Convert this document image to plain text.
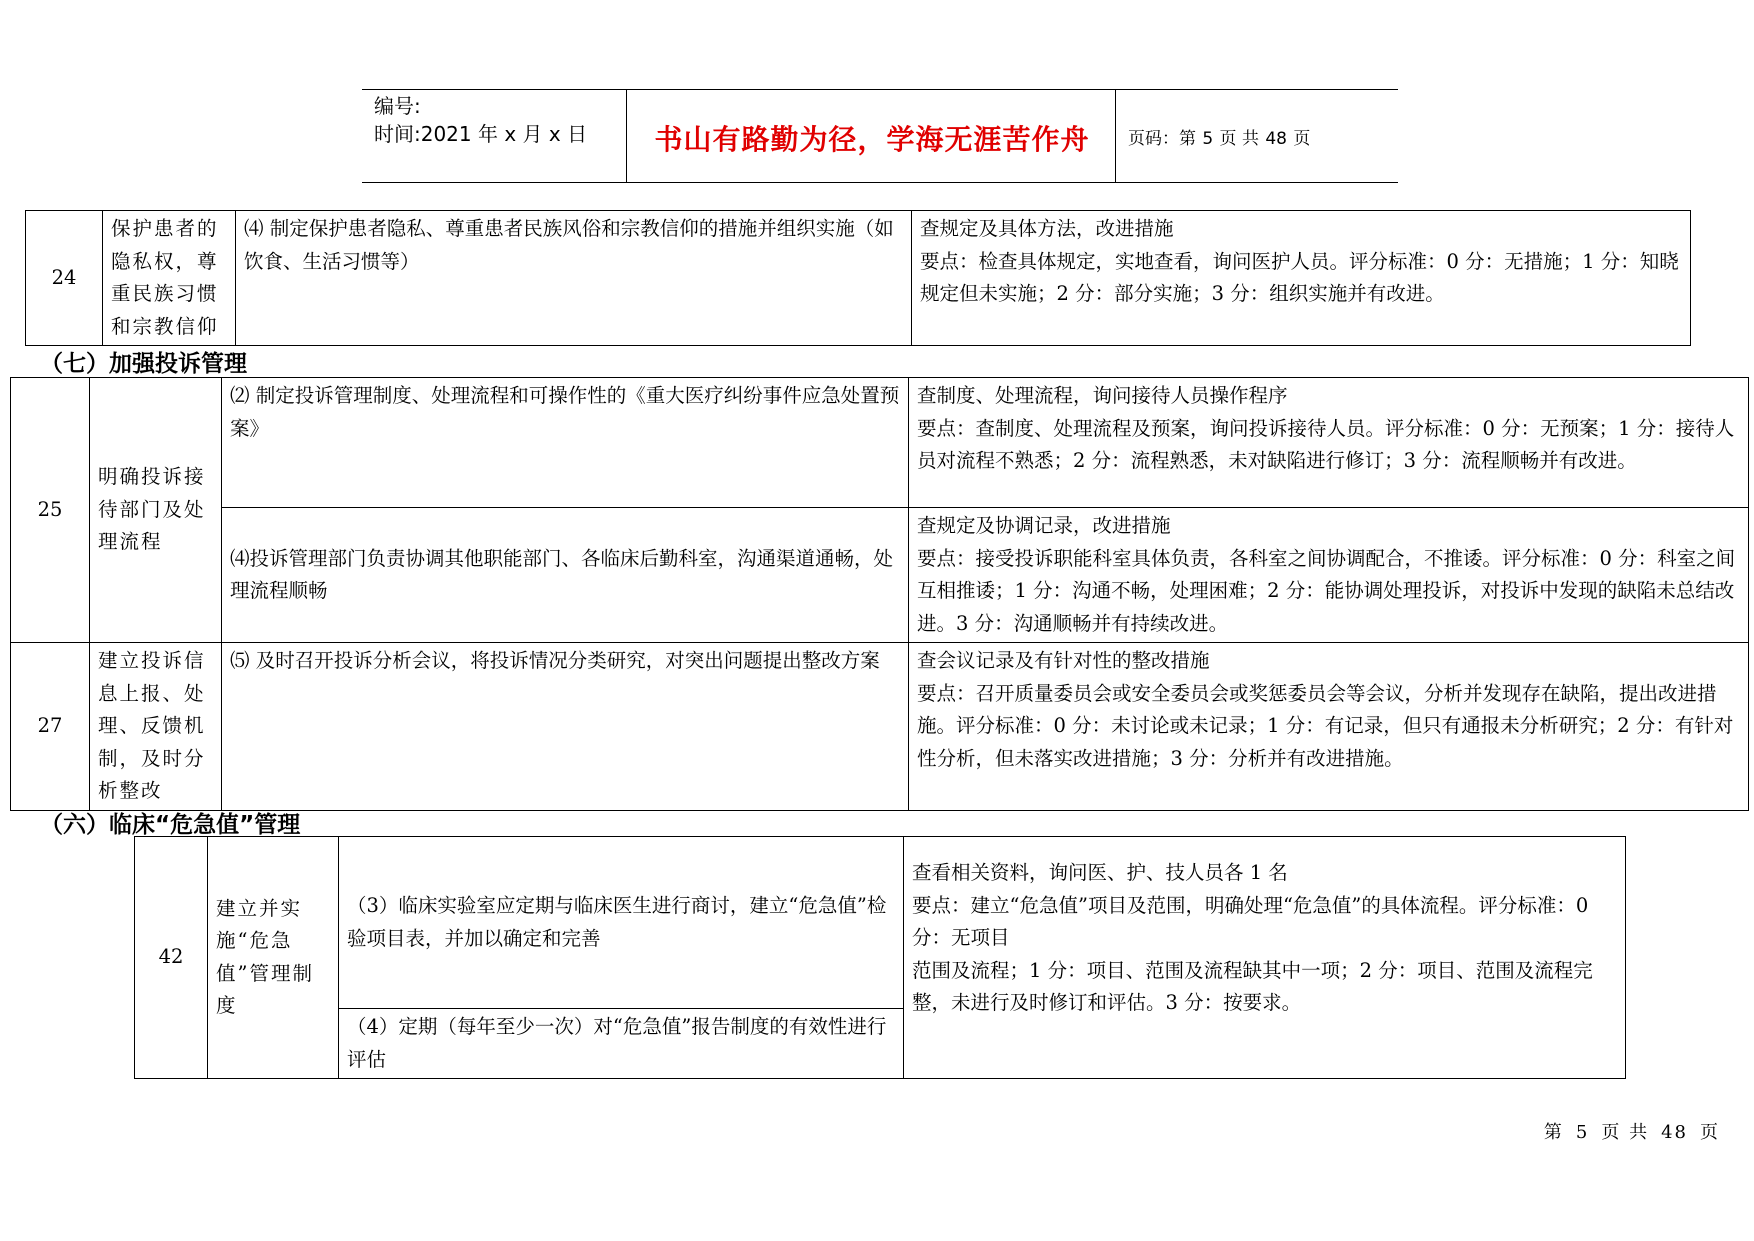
编号:
时间:2021 年 x 月 x 日	书山有路勤为径，学海无涯苦作舟	页码：第 5 页 共 48 页
24	保护患者的隐私权，尊重民族习惯和宗教信仰	⑷ 制定保护患者隐私、尊重患者民族风俗和宗教信仰的措施并组织实施（如饮食、生活习惯等）	
查规定及具体方法，改进措施
要点：检查具体规定，实地查看，询问医护人员。评分标准：0 分：无措施；1 分：知晓规定但未实施；2 分：部分实施；3 分：组织实施并有改进。
（七）加强投诉管理
25	明确投诉接待部门及处理流程	⑵ 制定投诉管理制度、处理流程和可操作性的《重大医疗纠纷事件应急处置预案》	查制度、处理流程，询问接待人员操作程序
要点：查制度、处理流程及预案，询问投诉接待人员。评分标准：0 分：无预案；1 分：接待人员对流程不熟悉；2 分：流程熟悉，未对缺陷进行修订；3 分：流程顺畅并有改进。

		⑷投诉管理部门负责协调其他职能部门、各临床后勤科室，沟通渠道通畅，处理流程顺畅	查规定及协调记录，改进措施
要点：接受投诉职能科室具体负责，各科室之间协调配合，不推诿。评分标准：0 分：科室之间互相推诿；1 分：沟通不畅，处理困难；2 分：能协调处理投诉，对投诉中发现的缺陷未总结改进。3 分：沟通顺畅并有持续改进。

27	建立投诉信息上报、处理、反馈机制，及时分析整改	⑸ 及时召开投诉分析会议，将投诉情况分类研究，对突出问题提出整改方案	查会议记录及有针对性的整改措施
要点：召开质量委员会或安全委员会或奖惩委员会等会议，分析并发现存在缺陷，提出改进措施。评分标准：0 分：未讨论或未记录；1 分：有记录，但只有通报未分析研究；2 分：有针对性分析，但未落实改进措施；3 分：分析并有改进措施。
（六）临床“危急值”管理
42	建立并实施“危急值”管理制度	（3）临床实验室应定期与临床医生进行商讨，建立“危急值”检验项目表，并加以确定和完善	
查看相关资料，询问医、护、技人员各 1 名
要点：建立“危急值”项目及范围，明确处理“危急值”的具体流程。评分标准：0 分：无项目
范围及流程；1 分：项目、范围及流程缺其中一项；2 分：项目、范围及流程完整，未进行及时修订和评估。3 分：按要求。

（4）定期（每年至少一次）对“危急值”报告制度的有效性进行评估
第 5 页 共 48 页
